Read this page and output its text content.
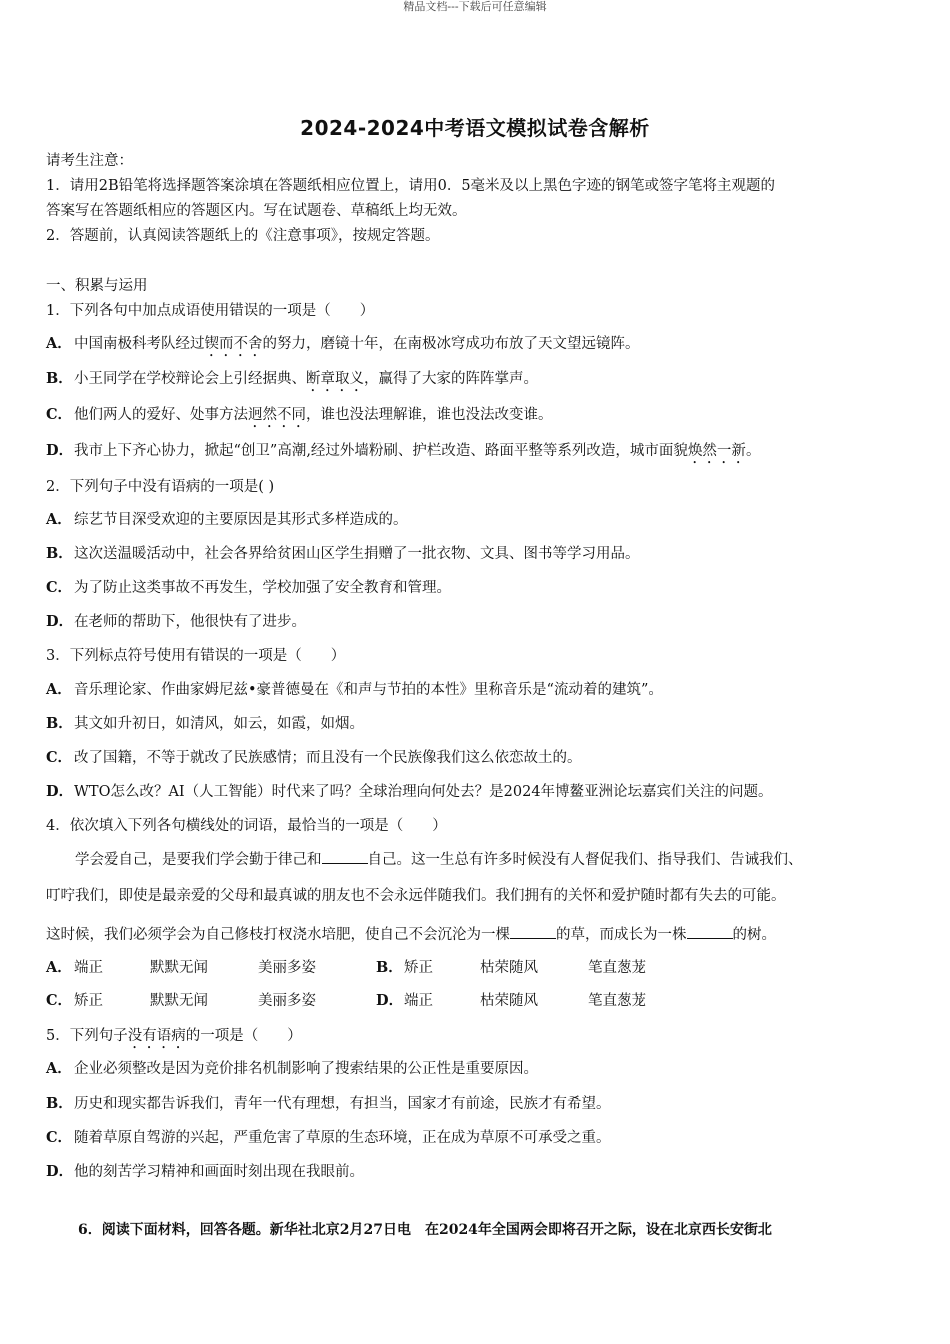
精品文档---下载后可任意编辑
2024-2024中考语文模拟试卷含解析
请考生注意：
1．请用2B铅笔将选择题答案涂填在答题纸相应位置上，请用0．5毫米及以上黑色字迹的钢笔或签字笔将主观题的
答案写在答题纸相应的答题区内。写在试题卷、草稿纸上均无效。
2．答题前，认真阅读答题纸上的《注意事项》，按规定答题。
一、积累与运用
1．下列各句中加点成语使用错误的一项是（　　）
A． 中国南极科考队经过锲而不舍的努力，磨镜十年，在南极冰穹成功布放了天文望远镜阵。
B．小王同学在学校辩论会上引经据典、断章取义，赢得了大家的阵阵掌声。
C． 他们两人的爱好、处事方法迥然不同，谁也没法理解谁，谁也没法改变谁。
D．我市上下齐心协力，掀起“创卫”高潮,经过外墙粉刷、护栏改造、路面平整等系列改造，城市面貌焕然一新。
2．下列句子中没有语病的一项是( )
A． 综艺节目深受欢迎的主要原因是其形式多样造成的。
B．这次送温暖活动中，社会各界给贫困山区学生捐赠了一批衣物、文具、图书等学习用品。
C． 为了防止这类事故不再发生，学校加强了安全教育和管理。
D．在老师的帮助下，他很快有了进步。
3．下列标点符号使用有错误的一项是（　　）
A． 音乐理论家、作曲家姆尼兹•豪普德曼在《和声与节拍的本性》里称音乐是“流动着的建筑”。
B．其文如升初日，如清风，如云，如霞，如烟。
C． 改了国籍，不等于就改了民族感情；而且没有一个民族像我们这么依恋故土的。
D．WTO怎么改？AI（人工智能）时代来了吗？全球治理向何处去？是2024年博鳌亚洲论坛嘉宾们关注的问题。
4．依次填入下列各句横线处的词语，最恰当的一项是（　　）
　　学会爱自己，是要我们学会勤于律己和	自己。这一生总有许多时候没有人督促我们、指导我们、告诫我们、
叮咛我们，即使是最亲爱的父母和最真诚的朋友也不会永远伴随我们。我们拥有的关怀和爱护随时都有失去的可能。
这时候，我们必须学会为自己修枝打杈浇水培肥，使自己不会沉沦为一棵	的草，而成长为一株	的树。
A． 端正	默默无闻	美丽多姿	B．矫正	枯荣随风	笔直葱茏
C． 矫正	默默无闻	美丽多姿	D．端正	枯荣随风	笔直葱茏
5．下列句子没有语病的一项是（　　）
A． 企业必须整改是因为竞价排名机制影响了搜索结果的公正性是重要原因。
B．历史和现实都告诉我们，青年一代有理想，有担当，国家才有前途，民族才有希望。
C． 随着草原自驾游的兴起，严重危害了草原的生态环境，正在成为草原不可承受之重。
D．他的刻苦学习精神和画面时刻出现在我眼前。
6．阅读下面材料，回答各题。新华社北京2月27日电　在2024年全国两会即将召开之际，设在北京西长安街北
